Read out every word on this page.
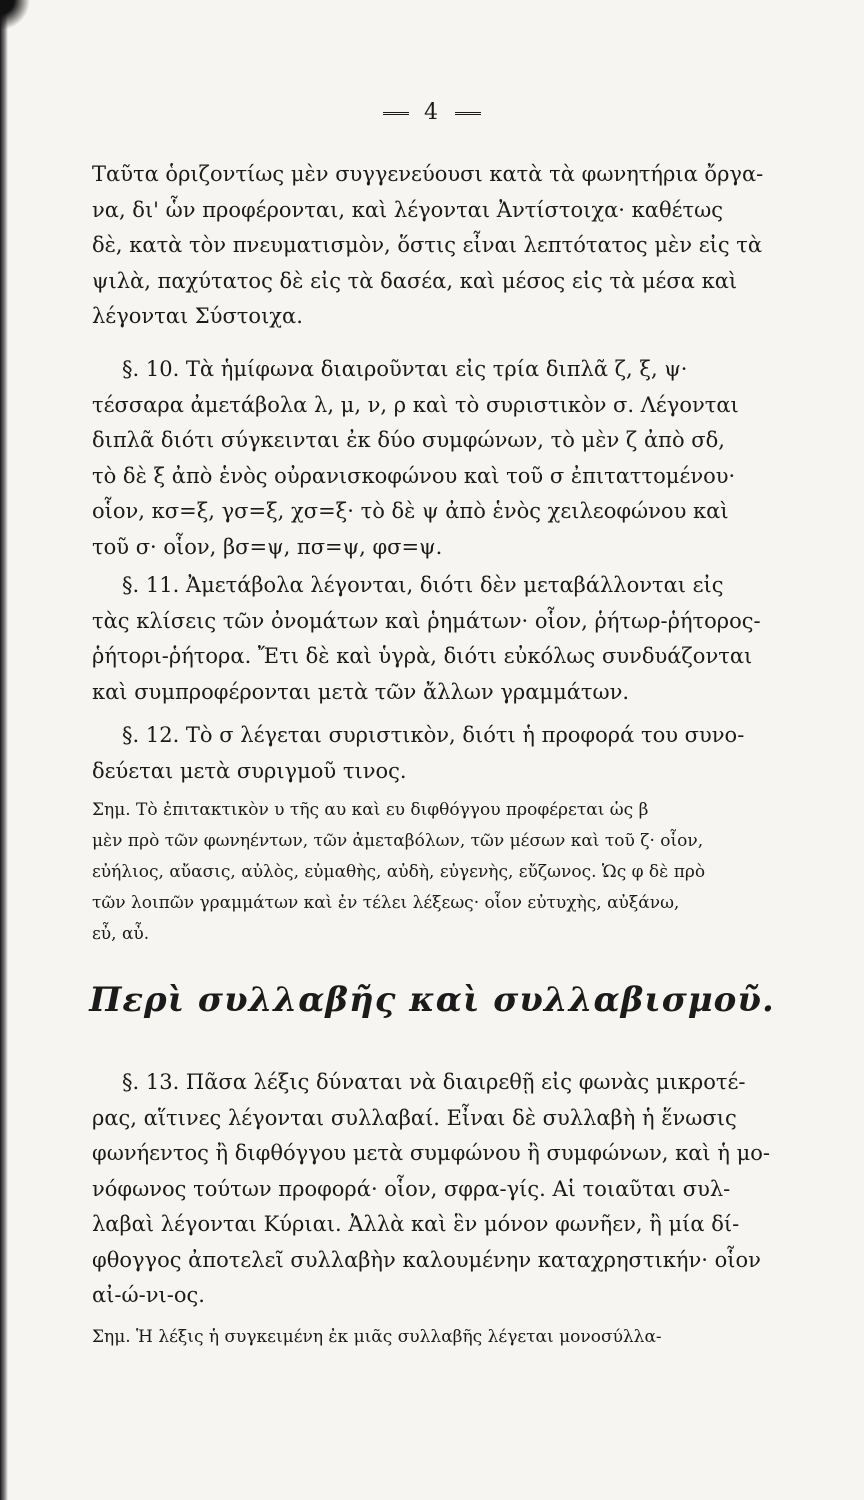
4

Ταῦτα ὁριζοντίως μὲν συγγενεύουσι κατὰ τὰ φωνητήρια ὄργα-

να, δι' ὧν προφέρονται, καὶ λέγονται Ἀντίστοιχα· καθέτως

δὲ, κατὰ τὸν πνευματισμὸν, ὅστις εἶναι λεπτότατος μὲν εἰς τὰ

ψιλὰ, παχύτατος δὲ εἰς τὰ δασέα, καὶ μέσος εἰς τὰ μέσα καὶ

λέγονται Σύστοιχα.

§. 10. Τὰ ἡμίφωνα διαιροῦνται εἰς τρία διπλᾶ ζ, ξ, ψ·

τέσσαρα ἀμετάβολα λ, μ, ν, ρ καὶ τὸ συριστικὸν σ. Λέγονται

διπλᾶ διότι σύγκεινται ἐκ δύο συμφώνων, τὸ μὲν ζ ἀπὸ σδ,

τὸ δὲ ξ ἀπὸ ἑνὸς οὐρανισκοφώνου καὶ τοῦ σ ἐπιταττομένου·

οἷον, κσ=ξ, γσ=ξ, χσ=ξ· τὸ δὲ ψ ἀπὸ ἑνὸς χειλεοφώνου καὶ

τοῦ σ· οἷον, βσ=ψ, πσ=ψ, φσ=ψ.

§. 11. Ἀμετάβολα λέγονται, διότι δὲν μεταβάλλονται εἰς

τὰς κλίσεις τῶν ὀνομάτων καὶ ῥημάτων· οἷον, ῥήτωρ-ῥήτορος-

ῥήτορι-ῥήτορα. Ἔτι δὲ καὶ ὑγρὰ, διότι εὐκόλως συνδυάζονται

καὶ συμπροφέρονται μετὰ τῶν ἄλλων γραμμάτων.

§. 12. Τὸ σ λέγεται συριστικὸν, διότι ἡ προφορά του συνο-

δεύεται μετὰ συριγμοῦ τινος.

Σημ. Τὸ ἐπιτακτικὸν υ τῆς αυ καὶ ευ διφθόγγου προφέρεται ὡς β

μὲν πρὸ τῶν φωνηέντων, τῶν ἀμεταβόλων, τῶν μέσων καὶ τοῦ ζ· οἷον,

εὐήλιος, αὔασις, αὐλὸς, εὐμαθὴς, αὐδὴ, εὐγενὴς, εὔζωνος. Ὡς φ δὲ πρὸ

τῶν λοιπῶν γραμμάτων καὶ ἐν τέλει λέξεως· οἷον εὐτυχὴς, αὐξάνω,

εὖ, αὖ.

Περὶ συλλαβῆς καὶ συλλαβισμοῦ.

§. 13. Πᾶσα λέξις δύναται νὰ διαιρεθῇ εἰς φωνὰς μικροτέ-

ρας, αἵτινες λέγονται συλλαβαί. Εἶναι δὲ συλλαβὴ ἡ ἕνωσις

φωνήεντος ἢ διφθόγγου μετὰ συμφώνου ἢ συμφώνων, καὶ ἡ μο-

νόφωνος τούτων προφορά· οἷον, σφρα-γίς. Αἱ τοιαῦται συλ-

λαβαὶ λέγονται Κύριαι. Ἀλλὰ καὶ ἓν μόνον φωνῆεν, ἢ μία δί-

φθογγος ἀποτελεῖ συλλαβὴν καλουμένην καταχρηστικήν· οἷον

αἰ-ώ-νι-ος.

Σημ. Ἡ λέξις ἡ συγκειμένη ἐκ μιᾶς συλλαβῆς λέγεται μονοσύλλα-
